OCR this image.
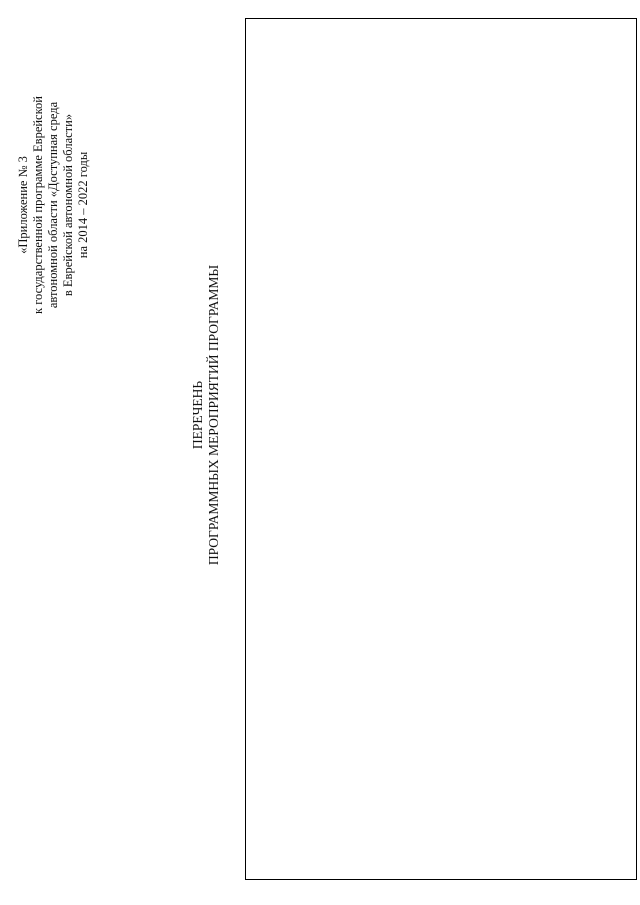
«Приложение № 3 к государственной программе Еврейской автономной области «Доступная среда в Еврейской автономной области» на 2014 – 2022 годы
ПЕРЕЧЕНЬ ПРОГРАММНЫХ МЕРОПРИЯТИЙ ПРОГРАММЫ
